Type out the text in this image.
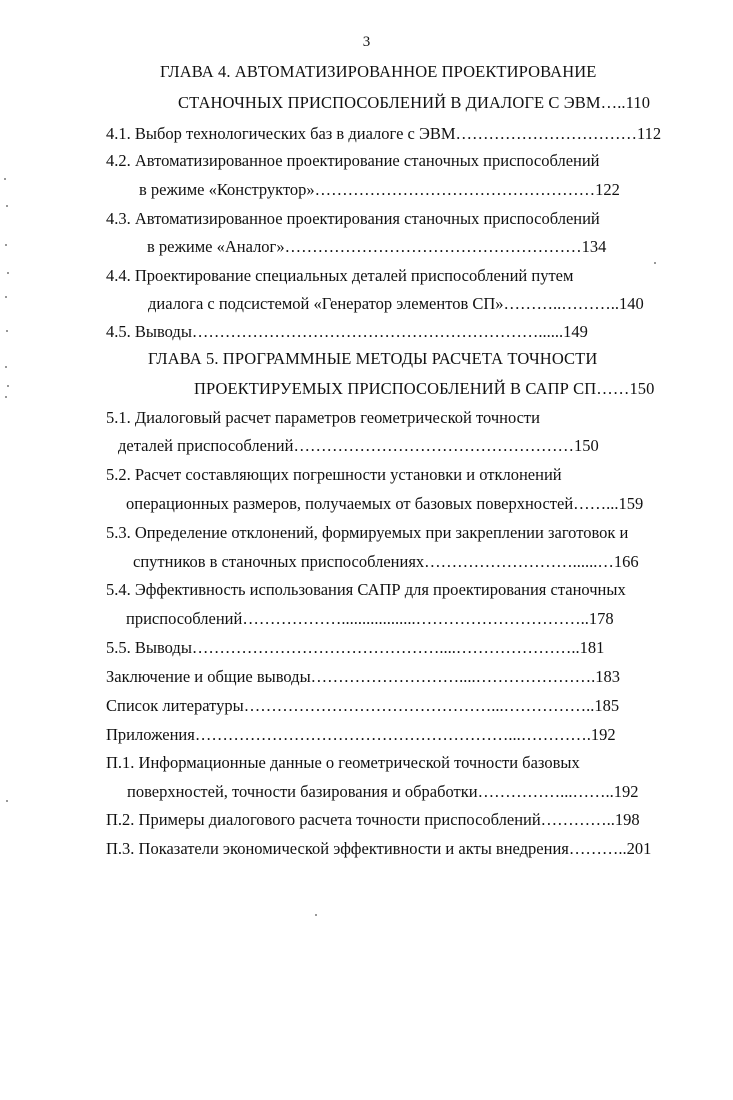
3
ГЛАВА 4. АВТОМАТИЗИРОВАННОЕ ПРОЕКТИРОВАНИЕ
СТАНОЧНЫХ ПРИСПОСОБЛЕНИЙ В ДИАЛОГЕ С ЭВМ…..110
4.1. Выбор технологических баз в диалоге с ЭВМ……………………………112
4.2. Автоматизированное проектирование станочных приспособлений
в режиме «Конструктор»……………………………………………122
4.3. Автоматизированное проектирования станочных приспособлений
в режиме «Аналог»………………………………………………134
4.4. Проектирование специальных деталей приспособлений путем
диалога с подсистемой «Генератор элементов СП»………..………..140
4.5. Выводы………………………………………………………......149
ГЛАВА 5. ПРОГРАММНЫЕ МЕТОДЫ РАСЧЕТА ТОЧНОСТИ
ПРОЕКТИРУЕМЫХ ПРИСПОСОБЛЕНИЙ В САПР СП……150
5.1. Диалоговый расчет параметров геометрической точности
деталей приспособлений……………………………………………150
5.2. Расчет составляющих погрешности установки и отклонений
операционных размеров, получаемых от базовых поверхностей……...159
5.3. Определение отклонений, формируемых при закреплении заготовок и
спутников в станочных приспособлениях………………………......…166
5.4. Эффективность использования САПР для проектирования станочных
приспособлений………………..................…………………………..178
5.5. Выводы………………………………………....…………………..181
Заключение и общие выводы………………………....………………….183
Список литературы………………………………………...……………..185
Приложения…………………………………………………...………….192
П.1. Информационные данные о геометрической точности базовых
поверхностей, точности базирования и обработки……………...……..192
П.2. Примеры диалогового расчета точности приспособлений…………..198
П.3. Показатели экономической эффективности и акты внедрения………..201
